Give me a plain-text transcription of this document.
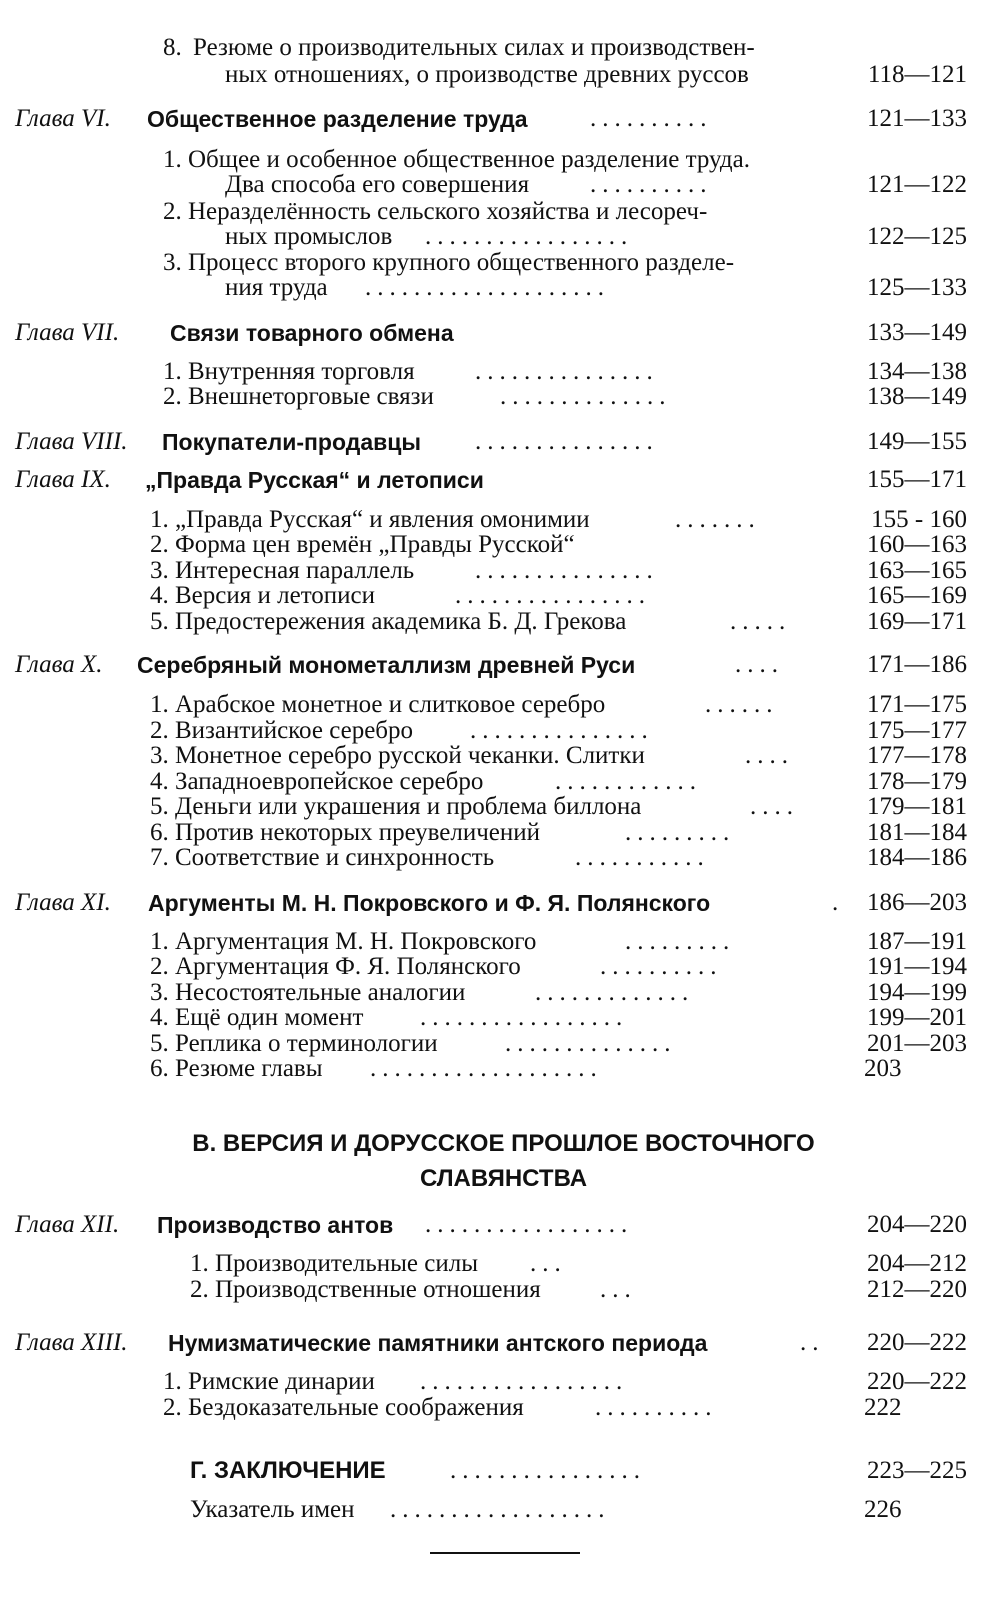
8. Резюме о производительных силах и производствен-
ных отношениях, о производстве древних руссов	118—121
Глава VI. Общественное разделение труда ..........	121—133
1. Общее и особенное общественное разделение труда.
Два способа его совершения ..........	121—122
2. Неразделённость сельского хозяйства и лесореч-
ных промыслов .................	122—125
3. Процесс второго крупного общественного разделе-
ния труда ....................	125—133
Глава VII. Связи товарного обмена	133—149
1. Внутренняя торговля ...............	134—138
2. Внешнеторговые связи	..............	138—149
Глава VIII. Покупатели-продавцы ...............	149—155
Глава IX. „Правда Русская“ и летописи	155—171
1. „Правда Русская“ и явления омонимии	.......	155 - 160
2. Форма цен времён „Правды Русской“	160—163
3. Интересная параллель ...............	163—165
4. Версия и летописи	................	165—169
5. Предостережения академика Б. Д. Грекова	.....	169—171
Глава X. Серебряный монометаллизм древней Руси	....	171—186
1. Арабское монетное и слитковое серебро	......	171—175
2. Византийское серебро ...............	175—177
3. Монетное серебро русской чеканки. Слитки	....	177—178
4. Западноевропейское серебро	............	178—179
5. Деньги или украшения и проблема биллона	....	179—181
6. Против некоторых преувеличений	.........	181—184
7. Соответствие и синхронность	...........	184—186
Глава XI. Аргументы М. Н. Покровского и Ф. Я. Полянского	. 186—203
1. Аргументация М. Н. Покровского	.........	187—191
2. Аргументация Ф. Я. Полянского	..........	191—194
3. Несостоятельные аналогии	.............	194—199
4. Ещё один момент .................	199—201
5. Реплика о терминологии	..............	201—203
6. Резюме главы ...................	203
В. ВЕРСИЯ И ДОРУССКОЕ ПРОШЛОЕ ВОСТОЧНОГО
СЛАВЯНСТВА
Глава XII. Производство антов .................	204—220
1. Производительные силы ...	204—212
2. Производственные отношения ...	212—220
Глава XIII. Нумизматические памятники антского периода	..	220—222
1. Римские динарии .................	220—222
2. Бездоказательные соображения	..........	222
Г. ЗАКЛЮЧЕНИЕ	................	223—225
Указатель имен ..................	226
